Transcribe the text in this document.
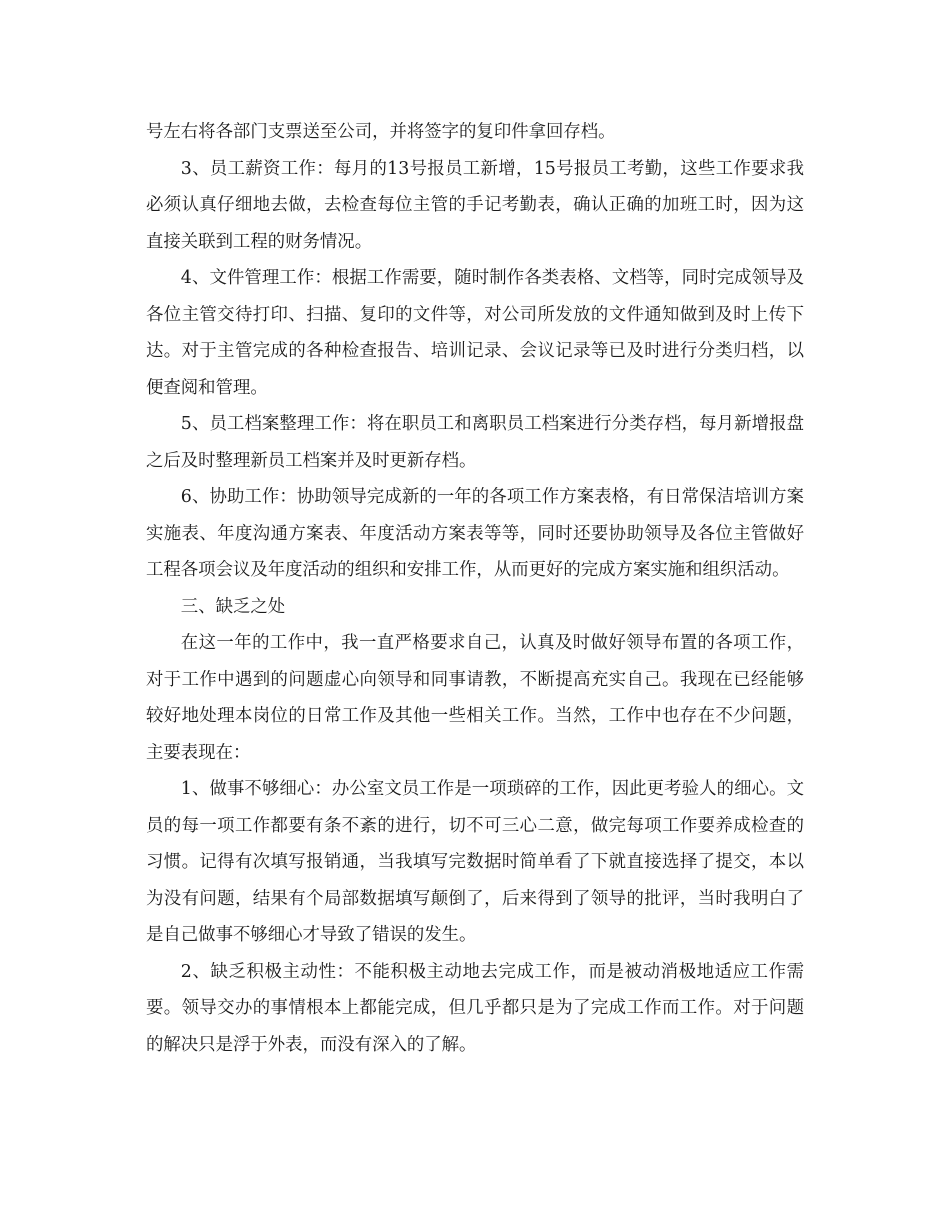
号左右将各部门支票送至公司，并将签字的复印件拿回存档。

3、员工薪资工作：每月的13号报员工新增，15号报员工考勤，这些工作要求我必须认真仔细地去做，去检查每位主管的手记考勤表，确认正确的加班工时，因为这直接关联到工程的财务情况。

4、文件管理工作：根据工作需要，随时制作各类表格、文档等，同时完成领导及各位主管交待打印、扫描、复印的文件等，对公司所发放的文件通知做到及时上传下达。对于主管完成的各种检查报告、培训记录、会议记录等已及时进行分类归档，以便查阅和管理。

5、员工档案整理工作：将在职员工和离职员工档案进行分类存档，每月新增报盘之后及时整理新员工档案并及时更新存档。

6、协助工作：协助领导完成新的一年的各项工作方案表格，有日常保洁培训方案实施表、年度沟通方案表、年度活动方案表等等，同时还要协助领导及各位主管做好工程各项会议及年度活动的组织和安排工作，从而更好的完成方案实施和组织活动。

三、缺乏之处

在这一年的工作中，我一直严格要求自己，认真及时做好领导布置的各项工作，对于工作中遇到的问题虚心向领导和同事请教，不断提高充实自己。我现在已经能够较好地处理本岗位的日常工作及其他一些相关工作。当然，工作中也存在不少问题，主要表现在：

1、做事不够细心：办公室文员工作是一项琐碎的工作，因此更考验人的细心。文员的每一项工作都要有条不紊的进行，切不可三心二意，做完每项工作要养成检查的习惯。记得有次填写报销通，当我填写完数据时简单看了下就直接选择了提交，本以为没有问题，结果有个局部数据填写颠倒了，后来得到了领导的批评，当时我明白了是自己做事不够细心才导致了错误的发生。

2、缺乏积极主动性：不能积极主动地去完成工作，而是被动消极地适应工作需要。领导交办的事情根本上都能完成，但几乎都只是为了完成工作而工作。对于问题的解决只是浮于外表，而没有深入的了解。
